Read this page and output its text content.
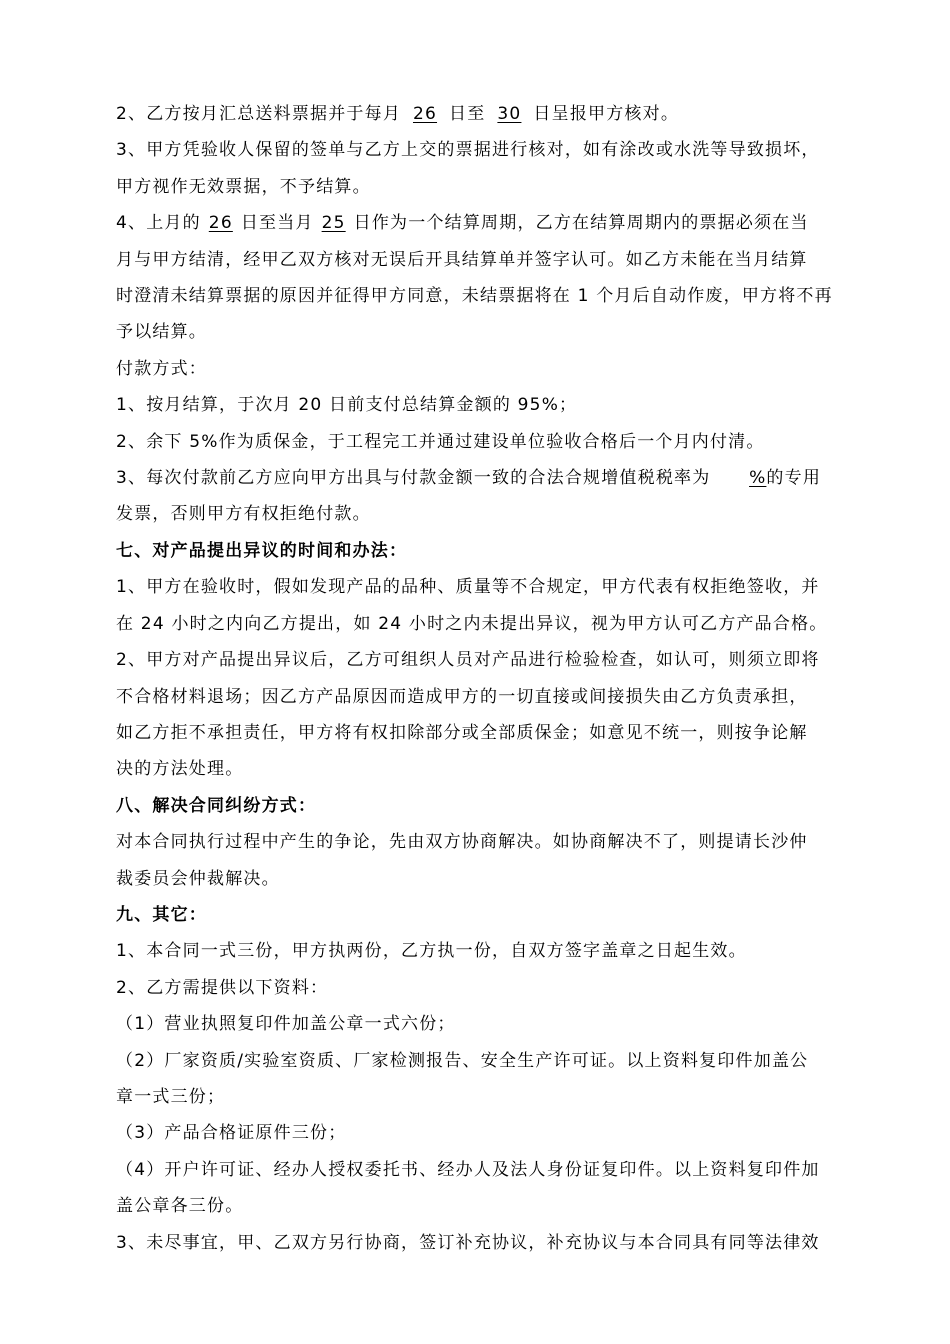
2、乙方按月汇总送料票据并于每月 26 日至 30 日呈报甲方核对。
3、甲方凭验收人保留的签单与乙方上交的票据进行核对，如有涂改或水洗等导致损坏，
甲方视作无效票据，不予结算。
4、上月的 26 日至当月 25 日作为一个结算周期，乙方在结算周期内的票据必须在当
月与甲方结清，经甲乙双方核对无误后开具结算单并签字认可。如乙方未能在当月结算
时澄清未结算票据的原因并征得甲方同意，未结票据将在 1 个月后自动作废，甲方将不再
予以结算。
付款方式：
1、按月结算，于次月 20 日前支付总结算金额的 95%；
2、余下 5%作为质保金，于工程完工并通过建设单位验收合格后一个月内付清。
3、每次付款前乙方应向甲方出具与付款金额一致的合法合规增值税税率为 %的专用
发票，否则甲方有权拒绝付款。
七、对产品提出异议的时间和办法：
1、甲方在验收时，假如发现产品的品种、质量等不合规定，甲方代表有权拒绝签收，并
在 24 小时之内向乙方提出，如 24 小时之内未提出异议，视为甲方认可乙方产品合格。
2、甲方对产品提出异议后，乙方可组织人员对产品进行检验检查，如认可，则须立即将
不合格材料退场；因乙方产品原因而造成甲方的一切直接或间接损失由乙方负责承担，
如乙方拒不承担责任，甲方将有权扣除部分或全部质保金；如意见不统一，则按争论解
决的方法处理。
八、解决合同纠纷方式：
对本合同执行过程中产生的争论，先由双方协商解决。如协商解决不了，则提请长沙仲
裁委员会仲裁解决。
九、其它：
1、本合同一式三份，甲方执两份，乙方执一份，自双方签字盖章之日起生效。
2、乙方需提供以下资料：
（1）营业执照复印件加盖公章一式六份；
（2）厂家资质/实验室资质、厂家检测报告、安全生产许可证。以上资料复印件加盖公
章一式三份；
（3）产品合格证原件三份；
（4）开户许可证、经办人授权委托书、经办人及法人身份证复印件。以上资料复印件加
盖公章各三份。
3、未尽事宜，甲、乙双方另行协商，签订补充协议，补充协议与本合同具有同等法律效
